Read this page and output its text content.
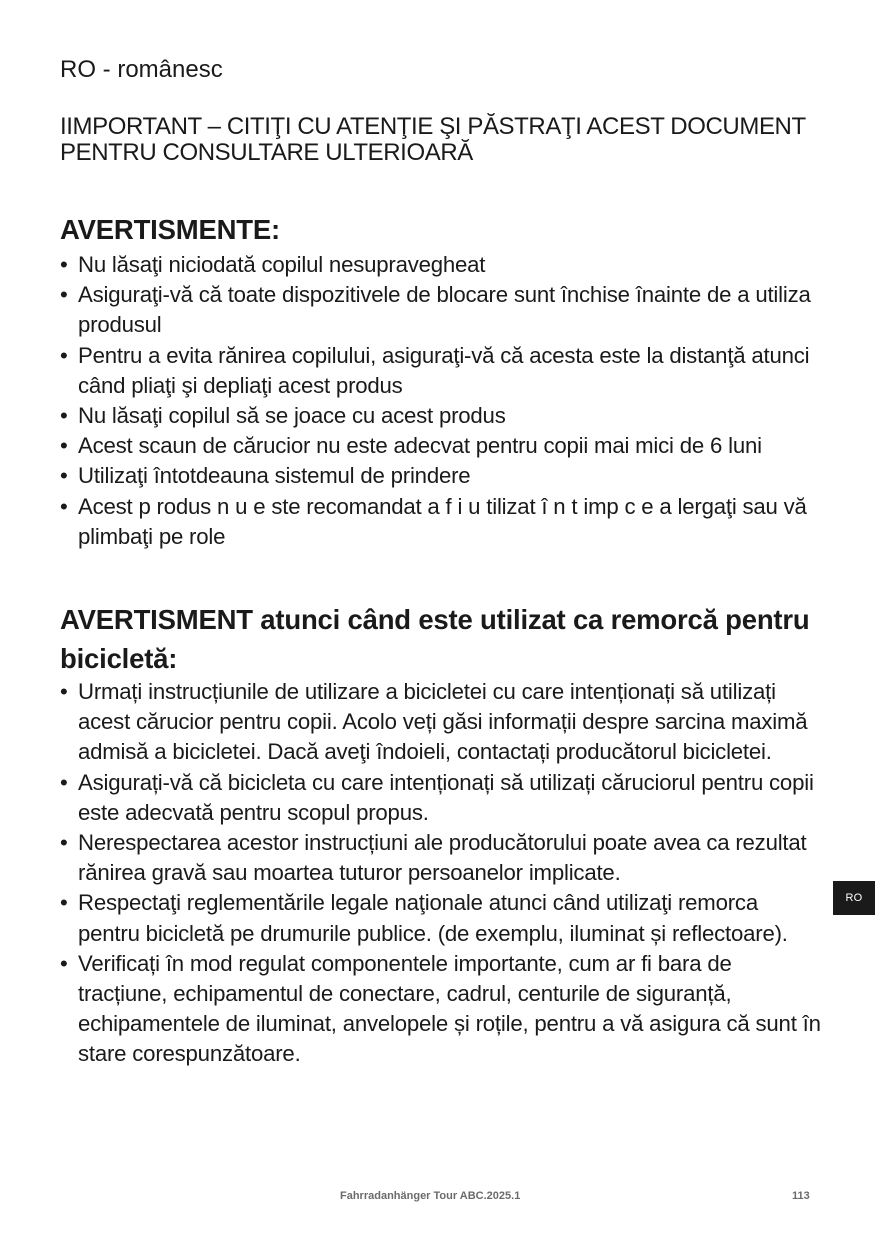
RO - românesc
IIMPORTANT – CITIŢI CU ATENŢIE ŞI PĂSTRAŢI ACEST DOCUMENT PENTRU CONSULTARE ULTERIOARĂ
AVERTISMENTE:
• Nu lăsaţi niciodată copilul nesupravegheat
• Asiguraţi-vă că toate dispozitivele de blocare sunt închise înainte de a utiliza produsul
• Pentru a evita rănirea copilului, asiguraţi-vă că acesta este la distanţă atunci când pliaţi şi depliaţi acest produs
• Nu lăsaţi copilul să se joace cu acest produs
• Acest scaun de cărucior nu este adecvat pentru copii mai mici de 6 luni
• Utilizaţi întotdeauna sistemul de prindere
• Acest p rodus n u e ste recomandat a f i u tilizat î n t imp c e a lergaţi sau vă plimbaţi pe role
AVERTISMENT atunci când este utilizat ca remorcă pentru bicicletă:
• Urmați instrucțiunile de utilizare a bicicletei cu care intenționați să utilizați acest cărucior pentru copii. Acolo veți găsi informații despre sarcina maximă admisă a bicicletei. Dacă aveţi îndoieli, contactați producătorul bicicletei.
• Asigurați-vă că bicicleta cu care intenționați să utilizați căruciorul pentru copii este adecvată pentru scopul propus.
• Nerespectarea acestor instrucțiuni ale producătorului poate avea ca rezultat rănirea gravă sau moartea tuturor persoanelor implicate.
• Respectaţi reglementările legale naţionale atunci când utilizaţi remorca pentru bicicletă pe drumurile publice. (de exemplu, iluminat și reflectoare).
• Verificați în mod regulat componentele importante, cum ar fi bara de tracțiune, echipamentul de conectare, cadrul, centurile de siguranță, echipamentele de iluminat, anvelopele și roțile, pentru a vă asigura că sunt în stare corespunzătoare.
RO
Fahrradanhänger Tour ABC.2025.1	113
